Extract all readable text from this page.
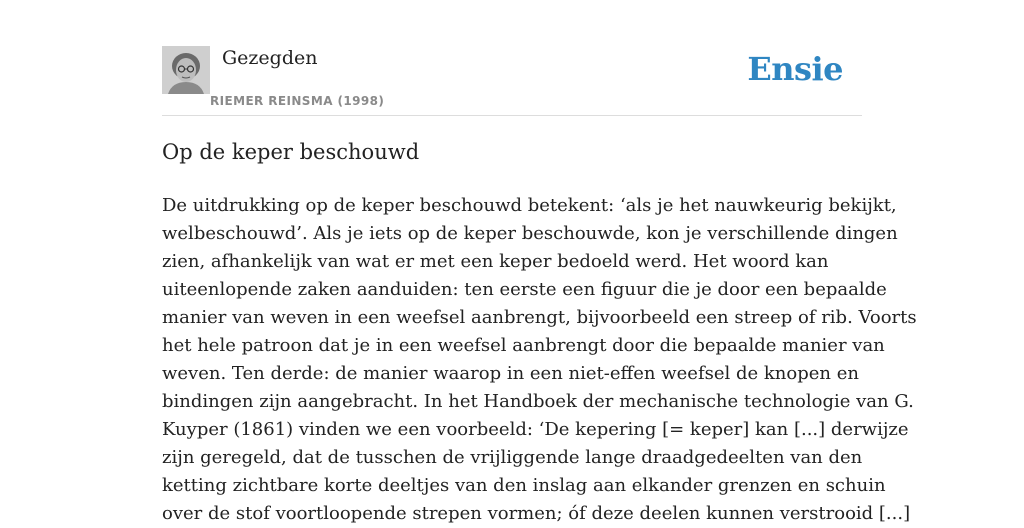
Gezegden
RIEMER REINSMA (1998)
Ensie
Op de keper beschouwd
De uitdrukking op de keper beschouwd betekent: ‘als je het nauwkeurig bekijkt,
welbeschouwd’. Als je iets op de keper beschouwde, kon je verschillende dingen
zien, afhankelijk van wat er met een keper bedoeld werd. Het woord kan
uiteenlopende zaken aanduiden: ten eerste een figuur die je door een bepaalde
manier van weven in een weefsel aanbrengt, bijvoorbeeld een streep of rib. Voorts
het hele patroon dat je in een weefsel aanbrengt door die bepaalde manier van
weven. Ten derde: de manier waarop in een niet-effen weefsel de knopen en
bindingen zijn aangebracht. In het Handboek der mechanische technologie van G.
Kuyper (1861) vinden we een voorbeeld: ‘De kepering [= keper] kan [...] derwijze
zijn geregeld, dat de tusschen de vrijliggende lange draadgedeelten van den
ketting zichtbare korte deeltjes van den inslag aan elkander grenzen en schuin
over de stof voortloopende strepen vormen; óf deze deelen kunnen verstrooid [...]
